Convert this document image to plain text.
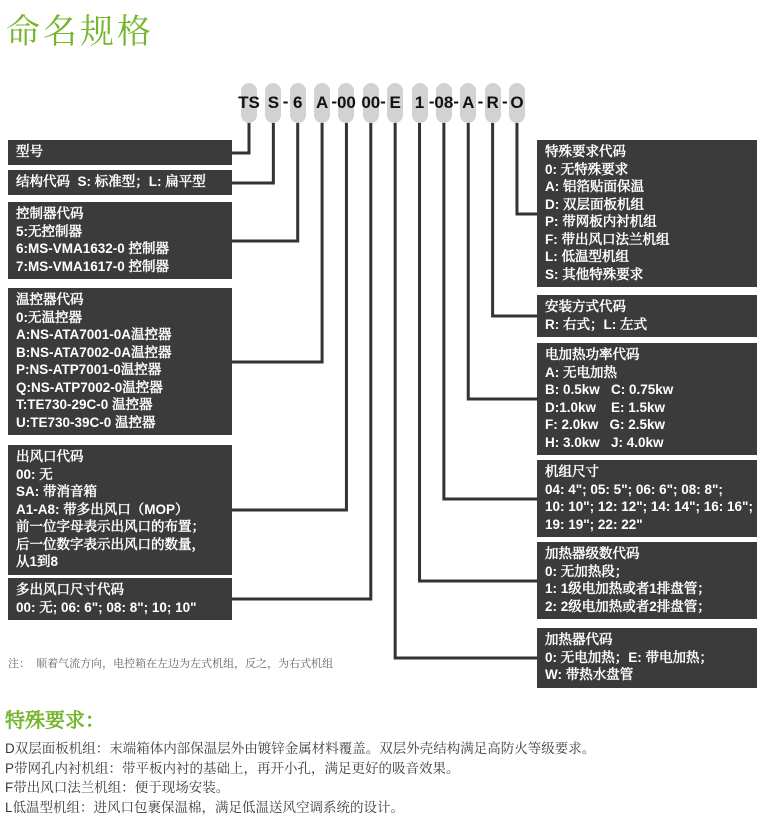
命名规格
TS S - 6 A - 00 00 - E 1 - 08 - A - R - O
型号
结构代码  S: 标准型；L: 扁平型
控制器代码
5:无控制器
6:MS-VMA1632-0 控制器
7:MS-VMA1617-0 控制器
温控器代码
0:无温控器
A:NS-ATA7001-0A温控器
B:NS-ATA7002-0A温控器
P:NS-ATP7001-0温控器
Q:NS-ATP7002-0温控器
T:TE730-29C-0 温控器
U:TE730-39C-0 温控器
出风口代码
00: 无
SA: 带消音箱
A1-A8: 带多出风口（MOP）
前一位字母表示出风口的布置；
后一位数字表示出风口的数量，
从1到8
多出风口尺寸代码
00: 无; 06: 6"; 08: 8"; 10; 10"
特殊要求代码
0: 无特殊要求
A: 铝箔贴面保温
D: 双层面板机组
P: 带网板内衬机组
F: 带出风口法兰机组
L: 低温型机组
S: 其他特殊要求
安装方式代码
R: 右式；L: 左式
电加热功率代码
A: 无电加热
B: 0.5kw   C: 0.75kw
D:1.0kw    E: 1.5kw
F: 2.0kw   G: 2.5kw
H: 3.0kw   J: 4.0kw
机组尺寸
04: 4"; 05: 5"; 06: 6"; 08: 8";
10: 10"; 12: 12"; 14: 14"; 16: 16";
19: 19"; 22: 22"
加热器级数代码
0: 无加热段；
1: 1级电加热或者1排盘管；
2: 2级电加热或者2排盘管；
加热器代码
0: 无电加热；E: 带电加热；
W: 带热水盘管
注：  顺着气流方向，电控箱在左边为左式机组，反之，为右式机组
特殊要求：
D双层面板机组：末端箱体内部保温层外由镀锌金属材料覆盖。双层外壳结构满足高防火等级要求。
P带网孔内衬机组：带平板内衬的基础上，再开小孔，满足更好的吸音效果。
F带出风口法兰机组：便于现场安装。
L低温型机组：进风口包裹保温棉，满足低温送风空调系统的设计。
